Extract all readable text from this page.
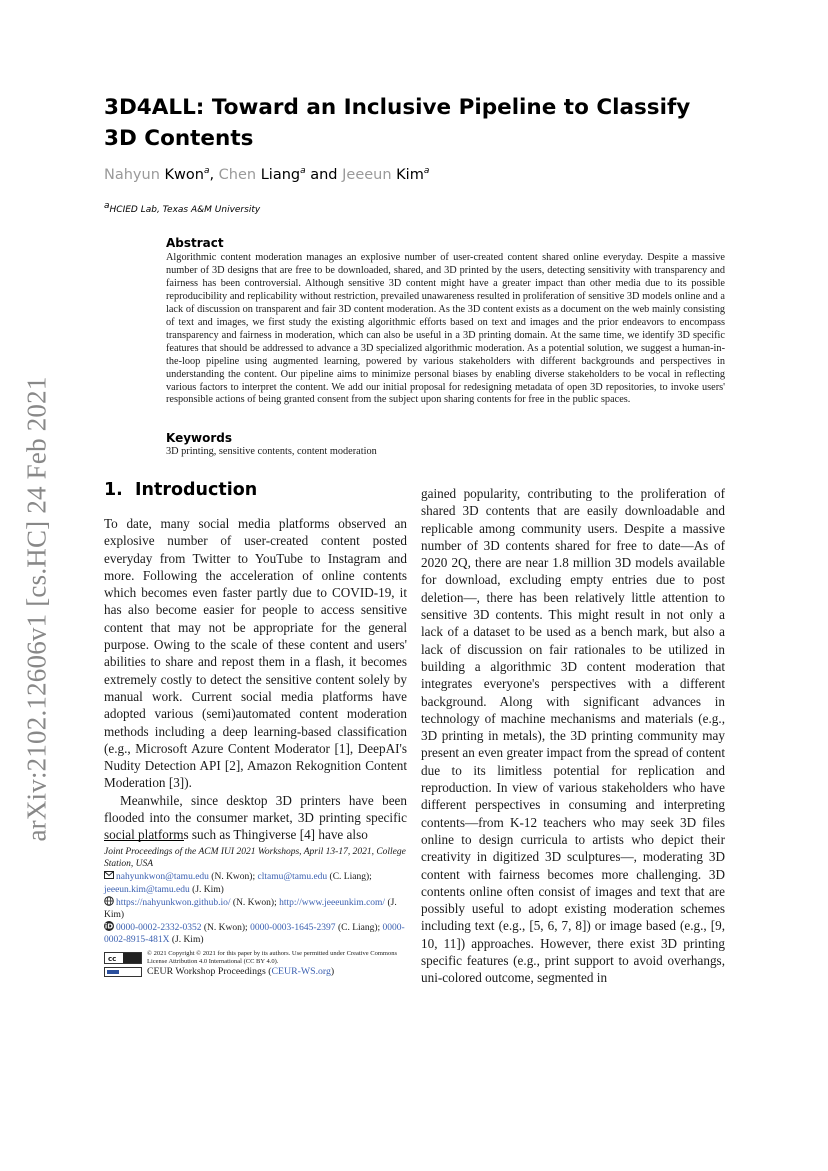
arXiv:2102.12606v1 [cs.HC] 24 Feb 2021
3D4ALL: Toward an Inclusive Pipeline to Classify 3D Contents
Nahyun Kwon$^a$, Chen Liang$^a$ and Jeeeun Kim$^a$
$^a$HCIED Lab, Texas A&M University
Abstract
Algorithmic content moderation manages an explosive number of user-created content shared online everyday. Despite a massive number of 3D designs that are free to be downloaded, shared, and 3D printed by the users, detecting sensitivity with transparency and fairness has been controversial. Although sensitive 3D content might have a greater impact than other media due to its possible reproducibility and replicability without restriction, prevailed unawareness resulted in proliferation of sensitive 3D models online and a lack of discussion on transparent and fair 3D content moderation. As the 3D content exists as a document on the web mainly consisting of text and images, we first study the existing algorithmic efforts based on text and images and the prior endeavors to encompass transparency and fairness in moderation, which can also be useful in a 3D printing domain. At the same time, we identify 3D specific features that should be addressed to advance a 3D specialized algorithmic moderation. As a potential solution, we suggest a human-in-the-loop pipeline using augmented learning, powered by various stakeholders with different backgrounds and perspectives in understanding the content. Our pipeline aims to minimize personal biases by enabling diverse stakeholders to be vocal in reflecting various factors to interpret the content. We add our initial proposal for redesigning metadata of open 3D repositories, to invoke users' responsible actions of being granted consent from the subject upon sharing contents for free in the public spaces.
Keywords
3D printing, sensitive contents, content moderation
1. Introduction

To date, many social media platforms observed an explosive number of user-created content posted everyday from Twitter to YouTube to Instagram and more. Following the acceleration of online contents which becomes even faster partly due to COVID-19, it has also become easier for people to access sensitive content that may not be appropriate for the general purpose. Owing to the scale of these content and users' abilities to share and repost them in a flash, it becomes extremely costly to detect the sensitive content solely by manual work. Current social media platforms have adopted various (semi)automated content moderation methods including a deep learning-based classification (e.g., Microsoft Azure Content Moderator [1], DeepAI's Nudity Detection API [2], Amazon Rekognition Content Moderation [3]).

Meanwhile, since desktop 3D printers have been flooded into the consumer market, 3D printing specific social platforms such as Thingiverse [4] have also

gained popularity, contributing to the proliferation of shared 3D contents that are easily downloadable and replicable among community users. Despite a massive number of 3D contents shared for free to date—As of 2020 2Q, there are near 1.8 million 3D models available for download, excluding empty entries due to post deletion—, there has been relatively little attention to sensitive 3D contents. This might result in not only a lack of a dataset to be used as a bench mark, but also a lack of discussion on fair rationales to be utilized in building a algorithmic 3D content moderation that integrates everyone's perspectives with a different background. Along with significant advances in technology of machine mechanisms and materials (e.g., 3D printing in metals), the 3D printing community may present an even greater impact from the spread of content due to its limitless potential for replication and reproduction. In view of various stakeholders who have different perspectives in consuming and interpreting contents—from K-12 teachers who may seek 3D files online to design curricula to artists who depict their creativity in digitized 3D sculptures—, moderating 3D content with fairness becomes more challenging. 3D contents online often consist of images and text that are possibly useful to adopt existing moderation schemes including text (e.g., [5, 6, 7, 8]) or image based (e.g., [9, 10, 11]) approaches. However, there exist 3D printing specific features (e.g., print support to avoid overhangs, uni-colored outcome, segmented in

Joint Proceedings of the ACM IUI 2021 Workshops, April 13-17, 2021, College Station, USA
nahyunkwon@tamu.edu (N. Kwon); cltamu@tamu.edu (C. Liang); jeeeun.kim@tamu.edu (J. Kim)
https://nahyunkwon.github.io/ (N. Kwon); http://www.jeeeunkim.com/ (J. Kim)
iD 0000-0002-2332-0352 (N. Kwon); 0000-0003-1645-2397 (C. Liang); 0000-0002-8915-481X (J. Kim)
cc
© 2021 Copyright © 2021 for this paper by its authors. Use permitted under Creative Commons License Attribution 4.0 International (CC BY 4.0).
CEUR Workshop Proceedings (CEUR-WS.org)
